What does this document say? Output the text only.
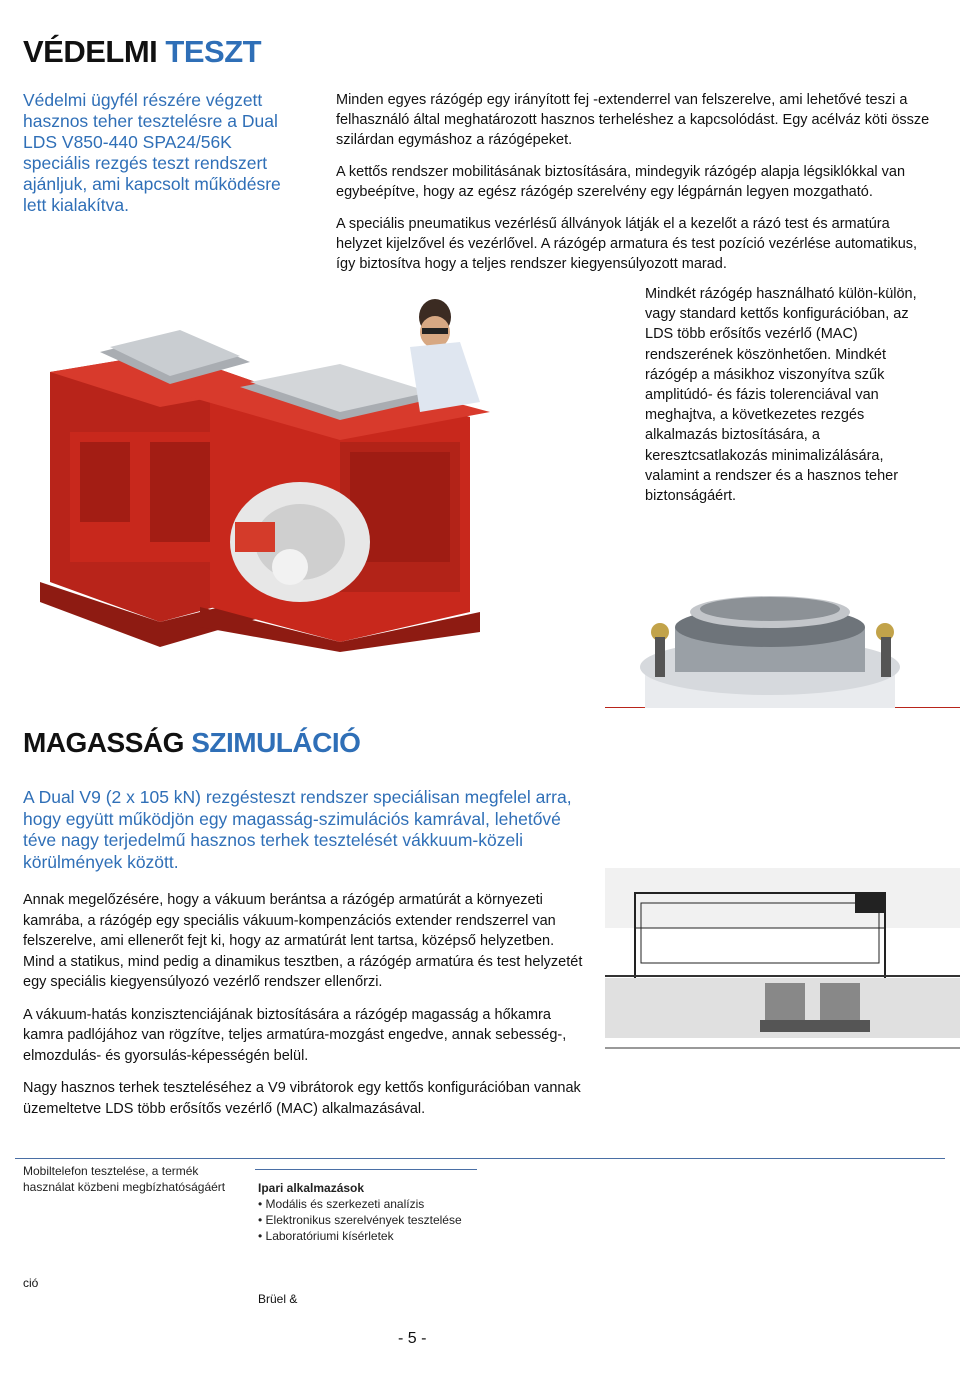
VÉDELMI TESZT

Védelmi ügyfél részére végzett hasznos teher tesztelésre a Dual LDS V850-440 SPA24/56K speciális rezgés teszt rendszert ajánljuk, ami kapcsolt működésre lett kialakítva.

Minden egyes rázógép egy irányított fej -extenderrel van felszerelve, ami lehetővé teszi a felhasználó által meghatározott hasznos terheléshez a kapcsolódást. Egy acélváz köti össze szilárdan egymáshoz a rázógépeket.

A kettős rendszer mobilitásának biztosítására, mindegyik rázógép alapja légsiklókkal van egybeépítve, hogy az egész rázógép szerelvény egy légpárnán legyen mozgatható.

A speciális pneumatikus vezérlésű állványok látják el a kezelőt a rázó test és armatúra helyzet kijelzővel és vezérlővel. A rázógép armatura és test pozíció vezérlése automatikus, így biztosítva hogy a teljes rendszer kiegyensúlyozott marad.

Mindkét rázógép használható külön-külön, vagy standard kettős konfigurációban, az LDS több erősítős vezérlő (MAC) rendszerének köszönhetően. Mindkét rázógép a másikhoz viszonyítva szűk amplitúdó- és fázis tolerenciával van meghajtva, a következetes rezgés alkalmazás biztosítására, a keresztcsatlakozás minimalizálására, valamint a rendszer és a hasznos teher biztonságáért.

MAGASSÁG SZIMULÁCIÓ

A Dual V9 (2 x 105 kN) rezgésteszt rendszer speciálisan megfelel arra, hogy együtt működjön egy magasság-szimulációs kamrával, lehetővé téve nagy terjedelmű hasznos terhek tesztelését vákkuum-közeli körülmények között.

Annak megelőzésére, hogy a vákuum berántsa a rázógép armatúrát a környezeti kamrába, a rázógép egy speciális vákuum-kompenzációs extender rendszerrel van felszerelve, ami ellenerőt fejt ki, hogy az armatúrát lent tartsa, középső helyzetben. Mind a statikus, mind pedig a dinamikus tesztben, a rázógép armatúra és test helyzetét egy speciális kiegyensúlyozó vezérlő rendszer ellenőrzi.

A vákuum-hatás konzisztenciájának biztosítására a rázógép magasság a hőkamra kamra padlójához van rögzítve, teljes armatúra-mozgást engedve, annak sebesség-, elmozdulás- és gyorsulás-képességén belül.

Nagy hasznos terhek teszteléséhez a V9 vibrátorok egy kettős konfigurációban vannak üzemeltetve LDS több erősítős vezérlő (MAC) alkalmazásával.

Mobiltelefon tesztelése, a termék használat közbeni megbízhatóságáért	Ipari alkalmazások
• Modális és szerkezeti analízis
• Elektronikus szerelvények tesztelése
• Laboratóriumi kísérletek
ció
Brüel &
- 5 -
